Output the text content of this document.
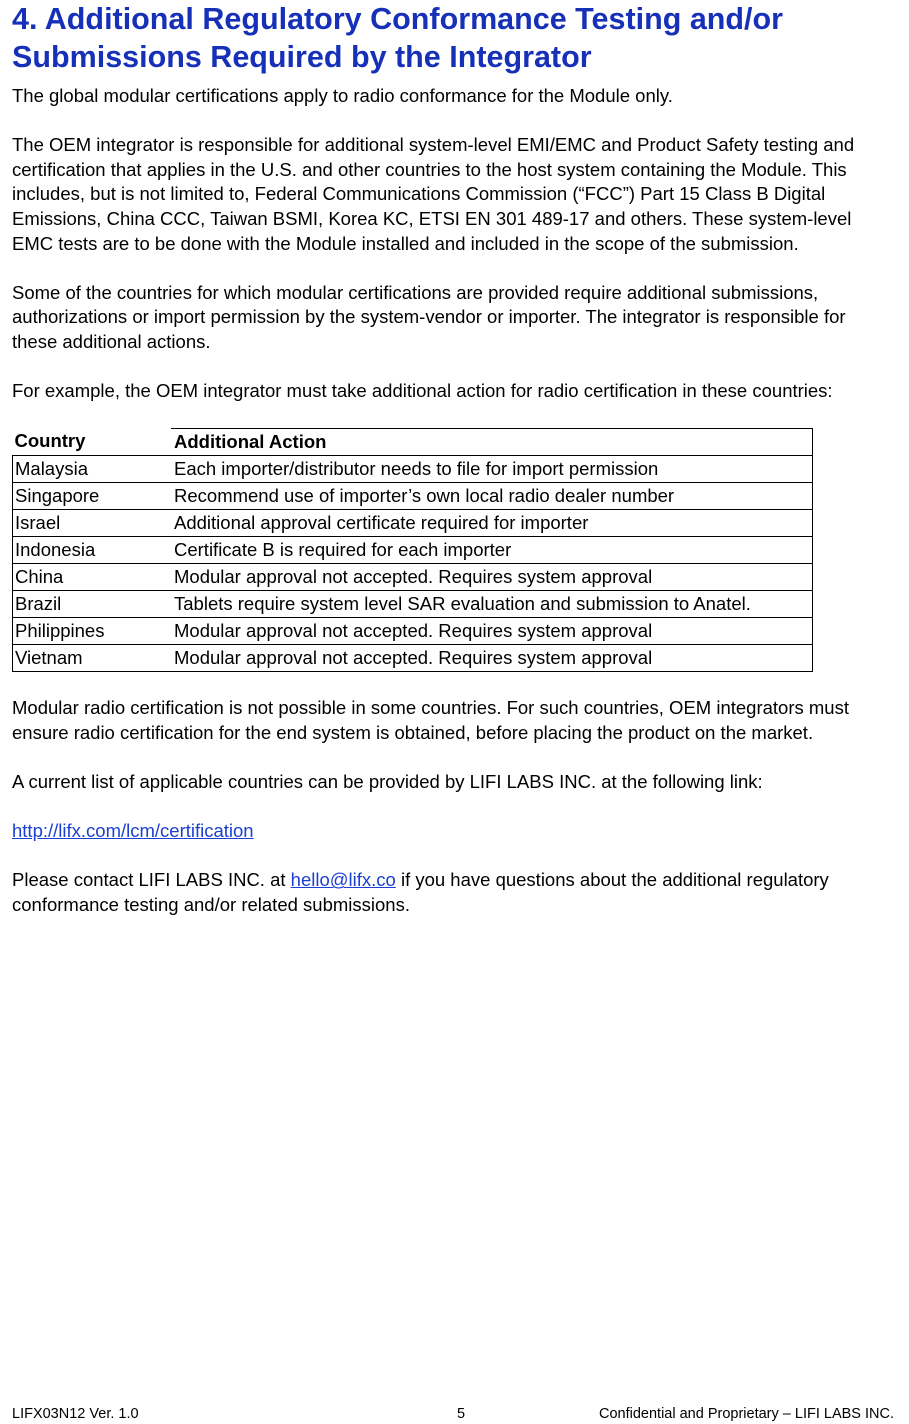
4. Additional Regulatory Conformance Testing and/or Submissions Required by the Integrator

The global modular certifications apply to radio conformance for the Module only.

The OEM integrator is responsible for additional system-level EMI/EMC and Product Safety testing and certification that applies in the U.S. and other countries to the host system containing the Module. This includes, but is not limited to, Federal Communications Commission (“FCC”) Part 15 Class B Digital Emissions, China CCC, Taiwan BSMI, Korea KC, ETSI EN 301 489-17 and others. These system-level EMC tests are to be done with the Module installed and included in the scope of the submission.

Some of the countries for which modular certifications are provided require additional submissions, authorizations or import permission by the system-vendor or importer. The integrator is responsible for these additional actions.

For example, the OEM integrator must take additional action for radio certification in these countries:

Country	Additional Action
Malaysia	Each importer/distributor needs to file for import permission
Singapore	Recommend use of importer’s own local radio dealer number
Israel	Additional approval certificate required for importer
Indonesia	Certificate B is required for each importer
China	Modular approval not accepted. Requires system approval
Brazil	Tablets require system level SAR evaluation and submission to Anatel.
Philippines	Modular approval not accepted. Requires system approval
Vietnam	Modular approval not accepted. Requires system approval

Modular radio certification is not possible in some countries. For such countries, OEM integrators must ensure radio certification for the end system is obtained, before placing the product on the market.

A current list of applicable countries can be provided by LIFI LABS INC. at the following link:

http://lifx.com/lcm/certification

Please contact LIFI LABS INC. at hello@lifx.co if you have questions about the additional regulatory conformance testing and/or related submissions.

LIFX03N12 Ver. 1.0	5	Confidential and Proprietary – LIFI LABS INC.
